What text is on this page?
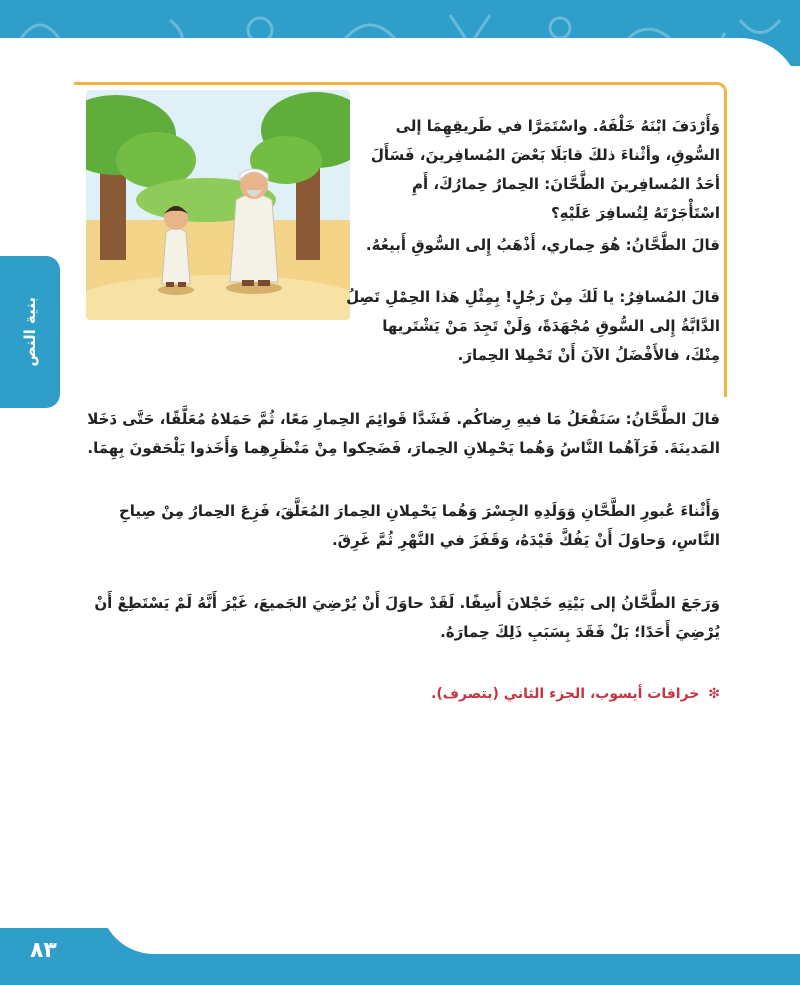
بنية النص

وَأَرْدَفَ ابْنَهُ خَلْفَهُ. واسْتَمَرَّا في طَريقِهِمَا إلى السُّوقِ، وأثْناءَ ذلكَ قابَلَا بَعْضَ المُسافِرينَ، فَسَأَلَ أحَدُ المُسافِرينَ الطَّحَّانَ: الحِمارُ حِمارُكَ، أَمِ اسْتَأْجَرْتَهُ لِتُسافِرَ عَلَيْهِ؟

قالَ الطَّحَّانُ: هُوَ حِماري، أَذْهَبُ إِلى السُّوقِ أَبيعُهُ.

قالَ المُسافِرُ: يا لَكَ مِنْ رَجُلٍ! بِمِثْلِ هَذا الحِمْلِ تَصِلُ الدَّابَّةُ إِلى السُّوقِ مُجْهَدَةً، وَلَنْ تَجِدَ مَنْ يَشْتَريها مِنْكَ، فالأَفْضَلُ الآنَ أَنْ تَحْمِلا الحِمارَ.

قالَ الطَّحَّانُ: سَنَفْعَلُ مَا فيهِ رِضاكُم. فَشَدَّا قَوائِمَ الحِمارِ مَعًا، ثُمَّ حَمَلاهُ مُعَلَّقًا، حَتَّى دَخَلا المَدينَةَ. فَرَآهُما النَّاسُ وَهُما يَحْمِلانِ الحِمارَ، فَضَحِكوا مِنْ مَنْظَرِهِما وَأَخَذوا يَلْحَقونَ بِهِمَا.

وَأَثْناءَ عُبورِ الطَّحَّانِ وَوَلَدِهِ الجِسْرَ وَهُما يَحْمِلانِ الحِمارَ المُعَلَّقَ، فَزِعَ الحِمارُ مِنْ صِياحِ النَّاسِ، وَحاوَلَ أَنْ يَفُكَّ قَيْدَهُ، وَقَفَزَ في النَّهْرِ ثُمَّ غَرِقَ.

وَرَجَعَ الطَّحَّانُ إلى بَيْتِهِ خَجْلانَ أَسِفًا. لَقَدْ حاوَلَ أَنْ يُرْضِيَ الجَميعَ، غَيْرَ أَنَّهُ لَمْ يَسْتَطِعْ أَنْ يُرْضِيَ أَحَدًا؛ بَلْ فَقَدَ بِسَبَبِ ذَلِكَ حِمارَهُ.

❇ خرافات أيسوب، الجزء الثاني (بتصرف).
٨٣
